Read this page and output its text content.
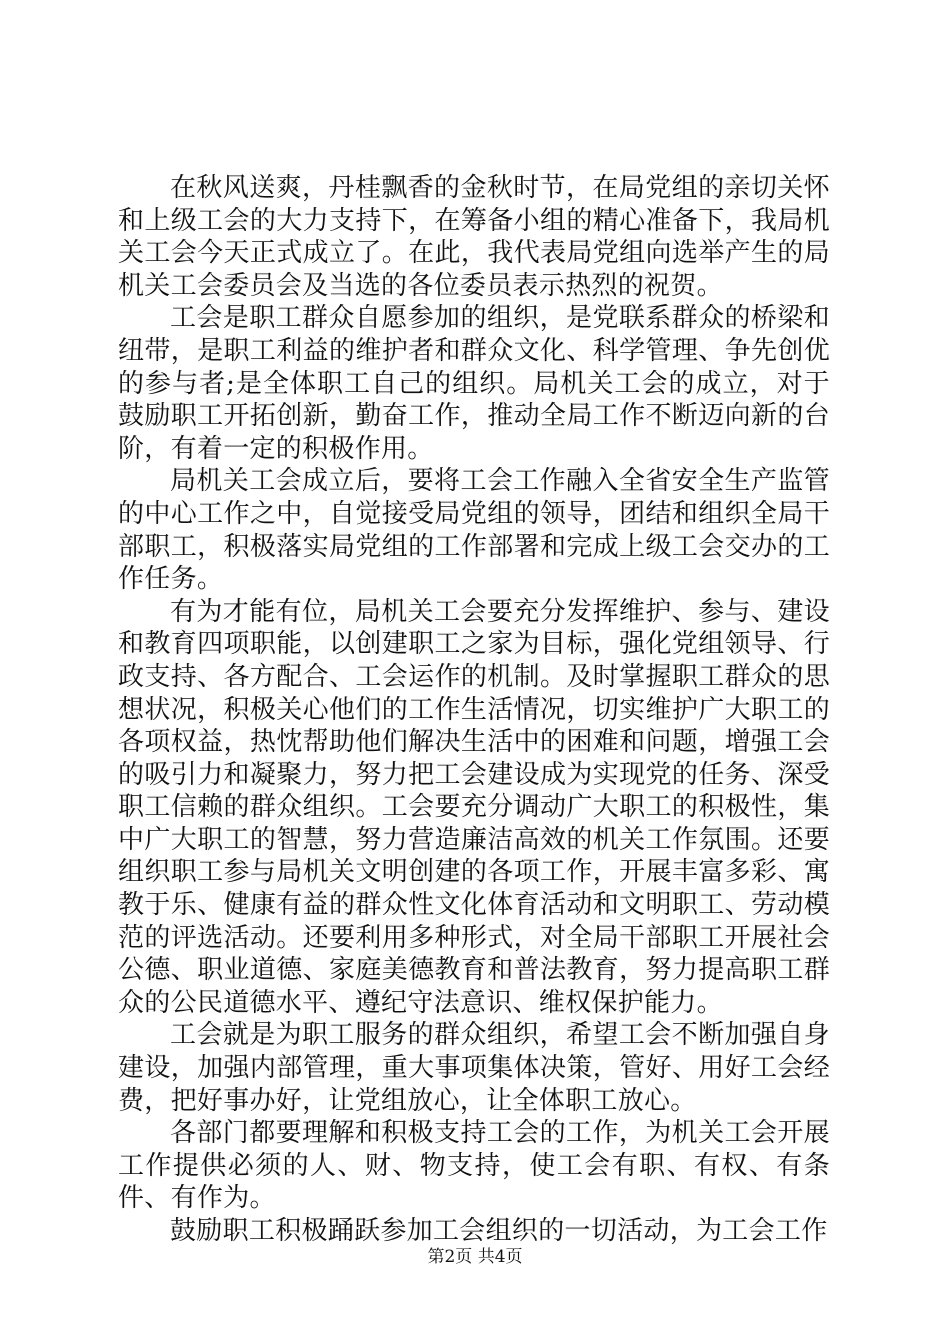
在秋风送爽，丹桂飘香的金秋时节，在局党组的亲切关怀和上级工会的大力支持下，在筹备小组的精心准备下，我局机关工会今天正式成立了。在此，我代表局党组向选举产生的局机关工会委员会及当选的各位委员表示热烈的祝贺。

工会是职工群众自愿参加的组织，是党联系群众的桥梁和纽带，是职工利益的维护者和群众文化、科学管理、争先创优的参与者;是全体职工自己的组织。局机关工会的成立，对于鼓励职工开拓创新，勤奋工作，推动全局工作不断迈向新的台阶，有着一定的积极作用。

局机关工会成立后，要将工会工作融入全省安全生产监管的中心工作之中，自觉接受局党组的领导，团结和组织全局干部职工，积极落实局党组的工作部署和完成上级工会交办的工作任务。

有为才能有位，局机关工会要充分发挥维护、参与、建设和教育四项职能，以创建职工之家为目标，强化党组领导、行政支持、各方配合、工会运作的机制。及时掌握职工群众的思想状况，积极关心他们的工作生活情况，切实维护广大职工的各项权益，热忱帮助他们解决生活中的困难和问题，增强工会的吸引力和凝聚力，努力把工会建设成为实现党的任务、深受职工信赖的群众组织。工会要充分调动广大职工的积极性，集中广大职工的智慧，努力营造廉洁高效的机关工作氛围。还要组织职工参与局机关文明创建的各项工作，开展丰富多彩、寓教于乐、健康有益的群众性文化体育活动和文明职工、劳动模范的评选活动。还要利用多种形式，对全局干部职工开展社会公德、职业道德、家庭美德教育和普法教育，努力提高职工群众的公民道德水平、遵纪守法意识、维权保护能力。

工会就是为职工服务的群众组织，希望工会不断加强自身建设，加强内部管理，重大事项集体决策，管好、用好工会经费，把好事办好，让党组放心，让全体职工放心。

各部门都要理解和积极支持工会的工作，为机关工会开展工作提供必须的人、财、物支持，使工会有职、有权、有条件、有作为。

鼓励职工积极踊跃参加工会组织的一切活动，为工会工作

第2页 共4页
